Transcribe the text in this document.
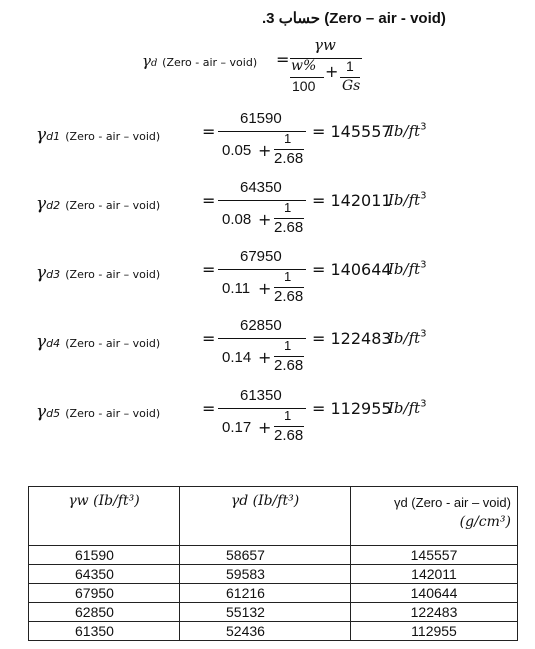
.3 حساب (Zero – air - void)
γd (Zero - air – void) =
γw
w%
100
+ 1
Gs
γd1 (Zero - air – void)	=
61590
0.05 +
1
2.68
= 145557
$Ib/ft^3$
γd2 (Zero - air – void)	=
64350
0.08 +
1
2.68
= 142011
$Ib/ft^3$
γd3 (Zero - air – void)	=
67950
0.11 +
1
2.68
= 140644
$Ib/ft^3$
γd4 (Zero - air – void)	=
62850
0.14 +
1
2.68
= 122483
$Ib/ft^3$
γd5 (Zero - air – void)	=
61350
0.17 +
1
2.68
= 112955
$Ib/ft^3$
γw (Ib/ft³)	γd (Ib/ft³)	γd (Zero - air – void)
(g/cm³)

61590	58657	145557
64350	59583	142011
67950	61216	140644
62850	55132	122483
61350	52436	112955
